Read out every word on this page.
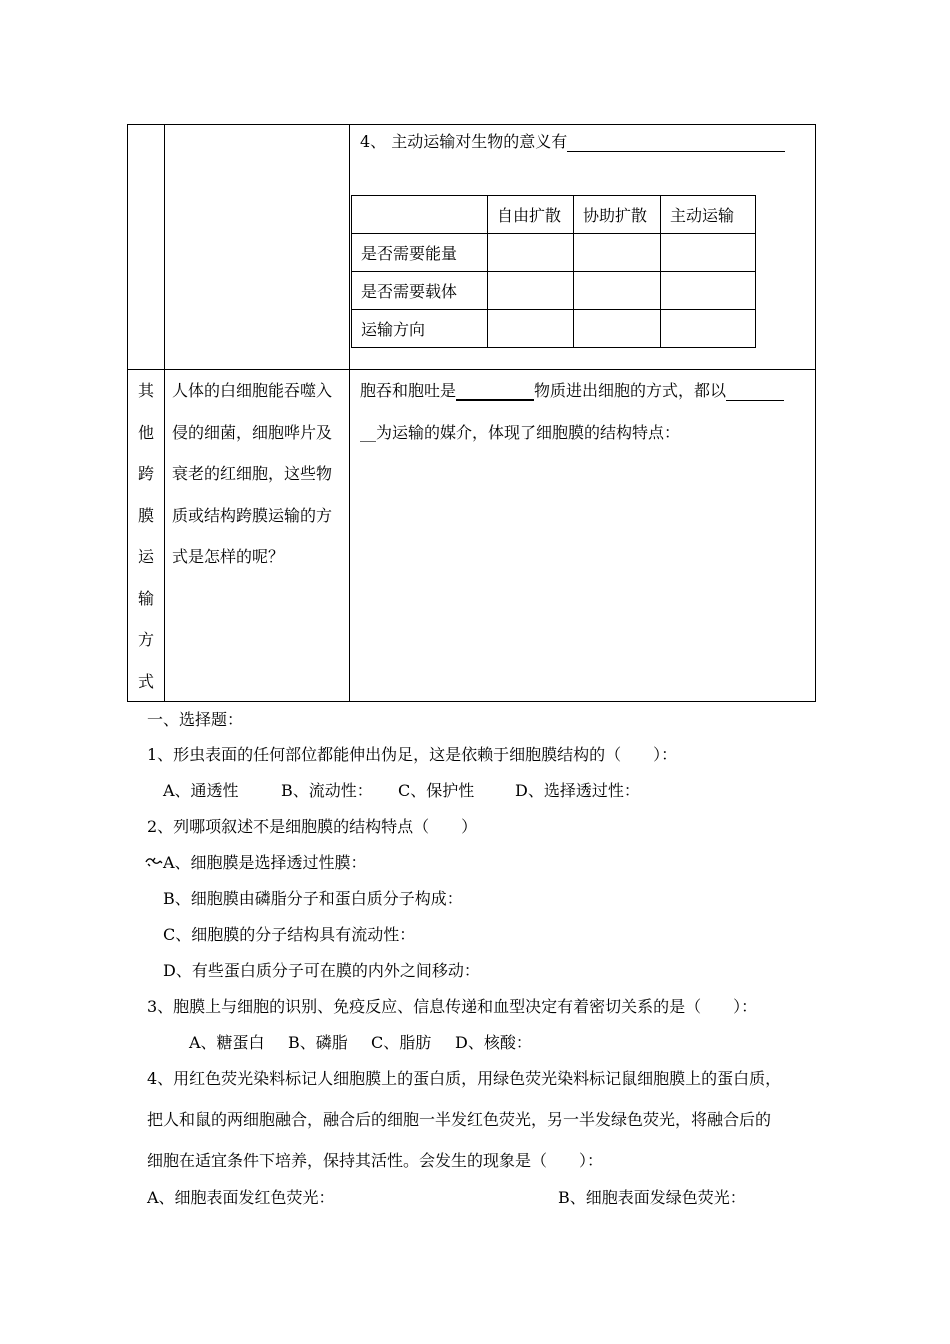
4、 主动运输对生物的意义有
	自由扩散	协助扩散	主动运输
是否需要能量			
是否需要载体			
运输方向			
其
他
跨
膜
运
输
方
式
人体的白细胞能吞噬入
侵的细菌，细胞哗片及
衰老的红细胞，这些物
质或结构跨膜运输的方
式是怎样的呢？
胞吞和胞吐是	物质进出细胞的方式，都以
__为运输的媒介，体现了细胞膜的结构特点：
一、选择题：
1、形虫表面的任何部位都能伸出伪足，这是依赖于细胞膜结构的（　　）：
A、通透性	B、流动性： C、保护性	D、选择透过性：
2、列哪项叙述不是细胞膜的结构特点（　　）
A、细胞膜是选择透过性膜：
B、细胞膜由磷脂分子和蛋白质分子构成：
C、细胞膜的分子结构具有流动性：
D、有些蛋白质分子可在膜的内外之间移动：
3、胞膜上与细胞的识别、免疫反应、信息传递和血型决定有着密切关系的是（　　）：
A、糖蛋白 B、磷脂 C、脂肪 D、核酸：
4、用红色荧光染料标记人细胞膜上的蛋白质，用绿色荧光染料标记鼠细胞膜上的蛋白质，
把人和鼠的两细胞融合，融合后的细胞一半发红色荧光，另一半发绿色荧光，将融合后的
细胞在适宜条件下培养，保持其活性。会发生的现象是（　　）：
A、细胞表面发红色荧光：	B、细胞表面发绿色荧光：
